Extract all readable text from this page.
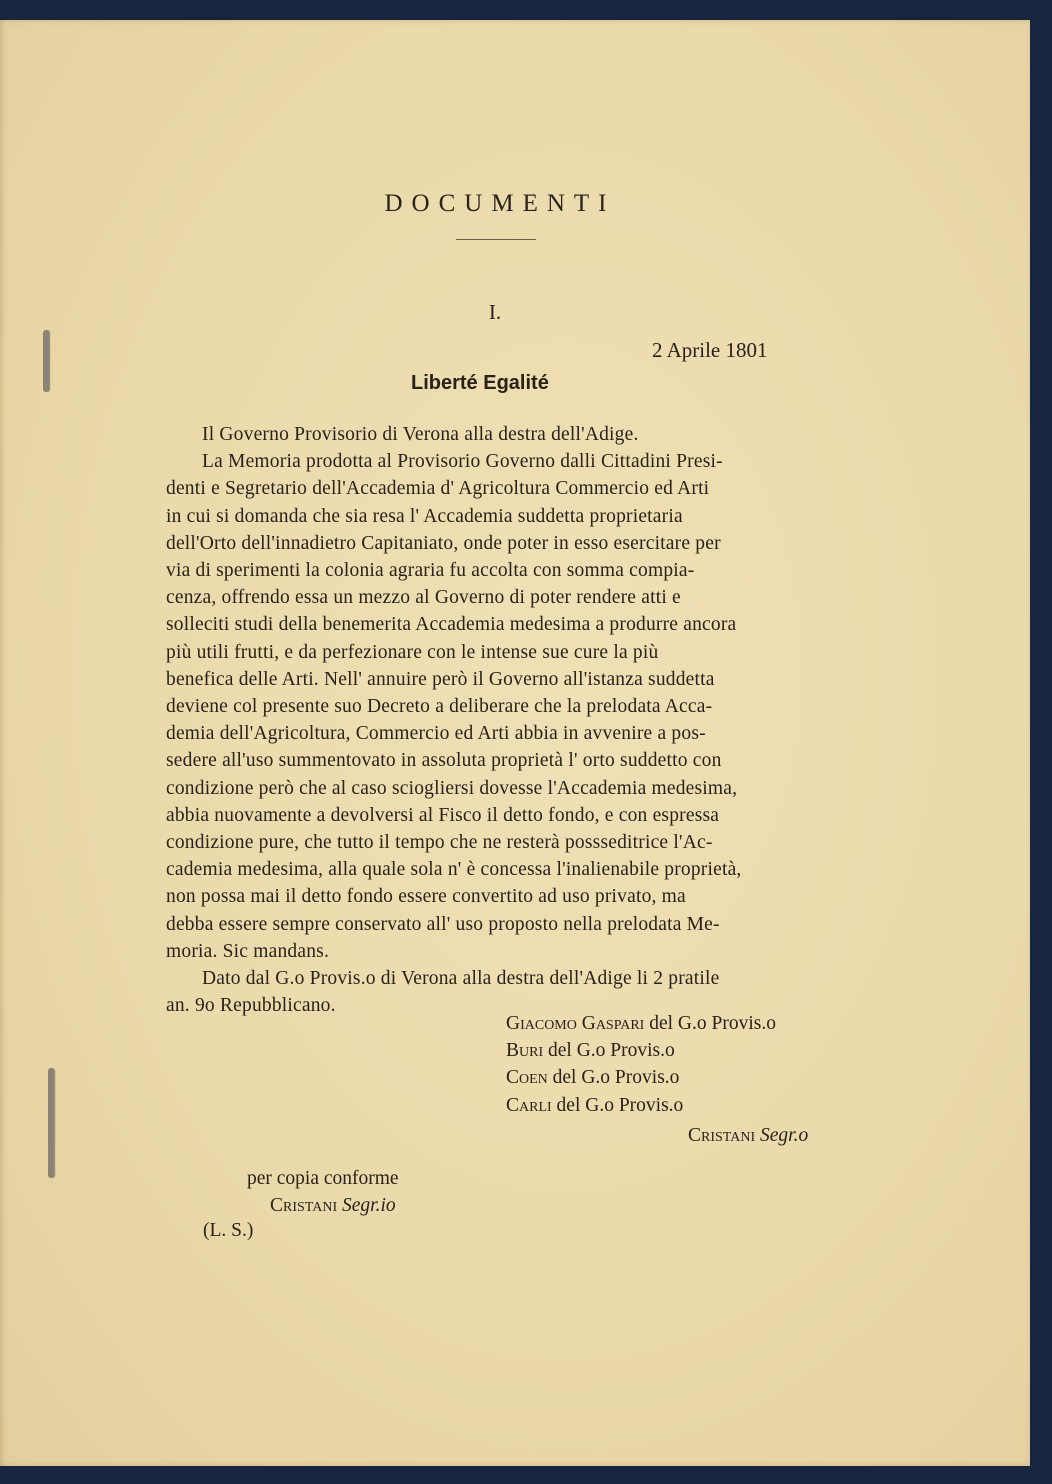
DOCUMENTI
I.
2 Aprile 1801
Liberté Egalité
Il Governo Provisorio di Verona alla destra dell'Adige.
La Memoria prodotta al Provisorio Governo dalli Cittadini Presi-
denti e Segretario dell'Accademia d' Agricoltura Commercio ed Arti
in cui si domanda che sia resa l' Accademia suddetta proprietaria
dell'Orto dell'innadietro Capitaniato, onde poter in esso esercitare per
via di sperimenti la colonia agraria fu accolta con somma compia-
cenza, offrendo essa un mezzo al Governo di poter rendere atti e
solleciti studi della benemerita Accademia medesima a produrre ancora
più utili frutti, e da perfezionare con le intense sue cure la più
benefica delle Arti. Nell' annuire però il Governo all'istanza suddetta
deviene col presente suo Decreto a deliberare che la prelodata Acca-
demia dell'Agricoltura, Commercio ed Arti abbia in avvenire a pos-
sedere all'uso summentovato in assoluta proprietà l' orto suddetto con
condizione però che al caso sciogliersi dovesse l'Accademia medesima,
abbia nuovamente a devolversi al Fisco il detto fondo, e con espressa
condizione pure, che tutto il tempo che ne resterà possseditrice l'Ac-
cademia medesima, alla quale sola n' è concessa l'inalienabile proprietà,
non possa mai il detto fondo essere convertito ad uso privato, ma
debba essere sempre conservato all' uso proposto nella prelodata Me-
moria. Sic mandans.
Dato dal G.o Provis.o di Verona alla destra dell'Adige li 2 pratile
an. 9o Repubblicano.
Giacomo Gaspari del G.o Provis.o
Buri del G.o Provis.o
Coen del G.o Provis.o
Carli del G.o Provis.o
Cristani Segr.o
per copia conforme
Cristani Segr.io
(L. S.)
